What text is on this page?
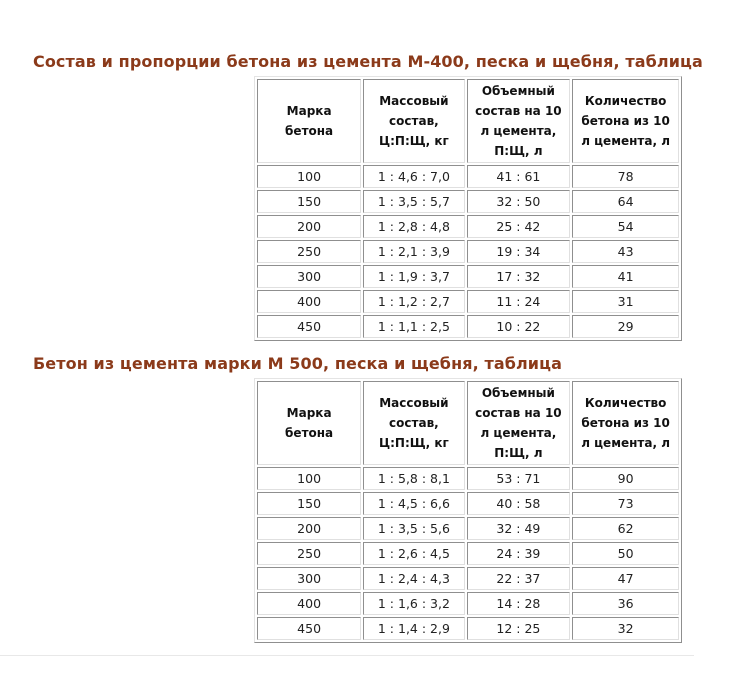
Состав и пропорции бетона из цемента М-400, песка и щебня, таблица
Марка бетона	Массовый состав, Ц:П:Щ, кг	Объемный состав на 10 л цемента, П:Щ, л	Количество бетона из 10 л цемента, л
100	1 : 4,6 : 7,0	41 : 61	78
150	1 : 3,5 : 5,7	32 : 50	64
200	1 : 2,8 : 4,8	25 : 42	54
250	1 : 2,1 : 3,9	19 : 34	43
300	1 : 1,9 : 3,7	17 : 32	41
400	1 : 1,2 : 2,7	11 : 24	31
450	1 : 1,1 : 2,5	10 : 22	29
Бетон из цемента марки М 500, песка и щебня, таблица
Марка бетона	Массовый состав, Ц:П:Щ, кг	Объемный состав на 10 л цемента, П:Щ, л	Количество бетона из 10 л цемента, л
100	1 : 5,8 : 8,1	53 : 71	90
150	1 : 4,5 : 6,6	40 : 58	73
200	1 : 3,5 : 5,6	32 : 49	62
250	1 : 2,6 : 4,5	24 : 39	50
300	1 : 2,4 : 4,3	22 : 37	47
400	1 : 1,6 : 3,2	14 : 28	36
450	1 : 1,4 : 2,9	12 : 25	32
